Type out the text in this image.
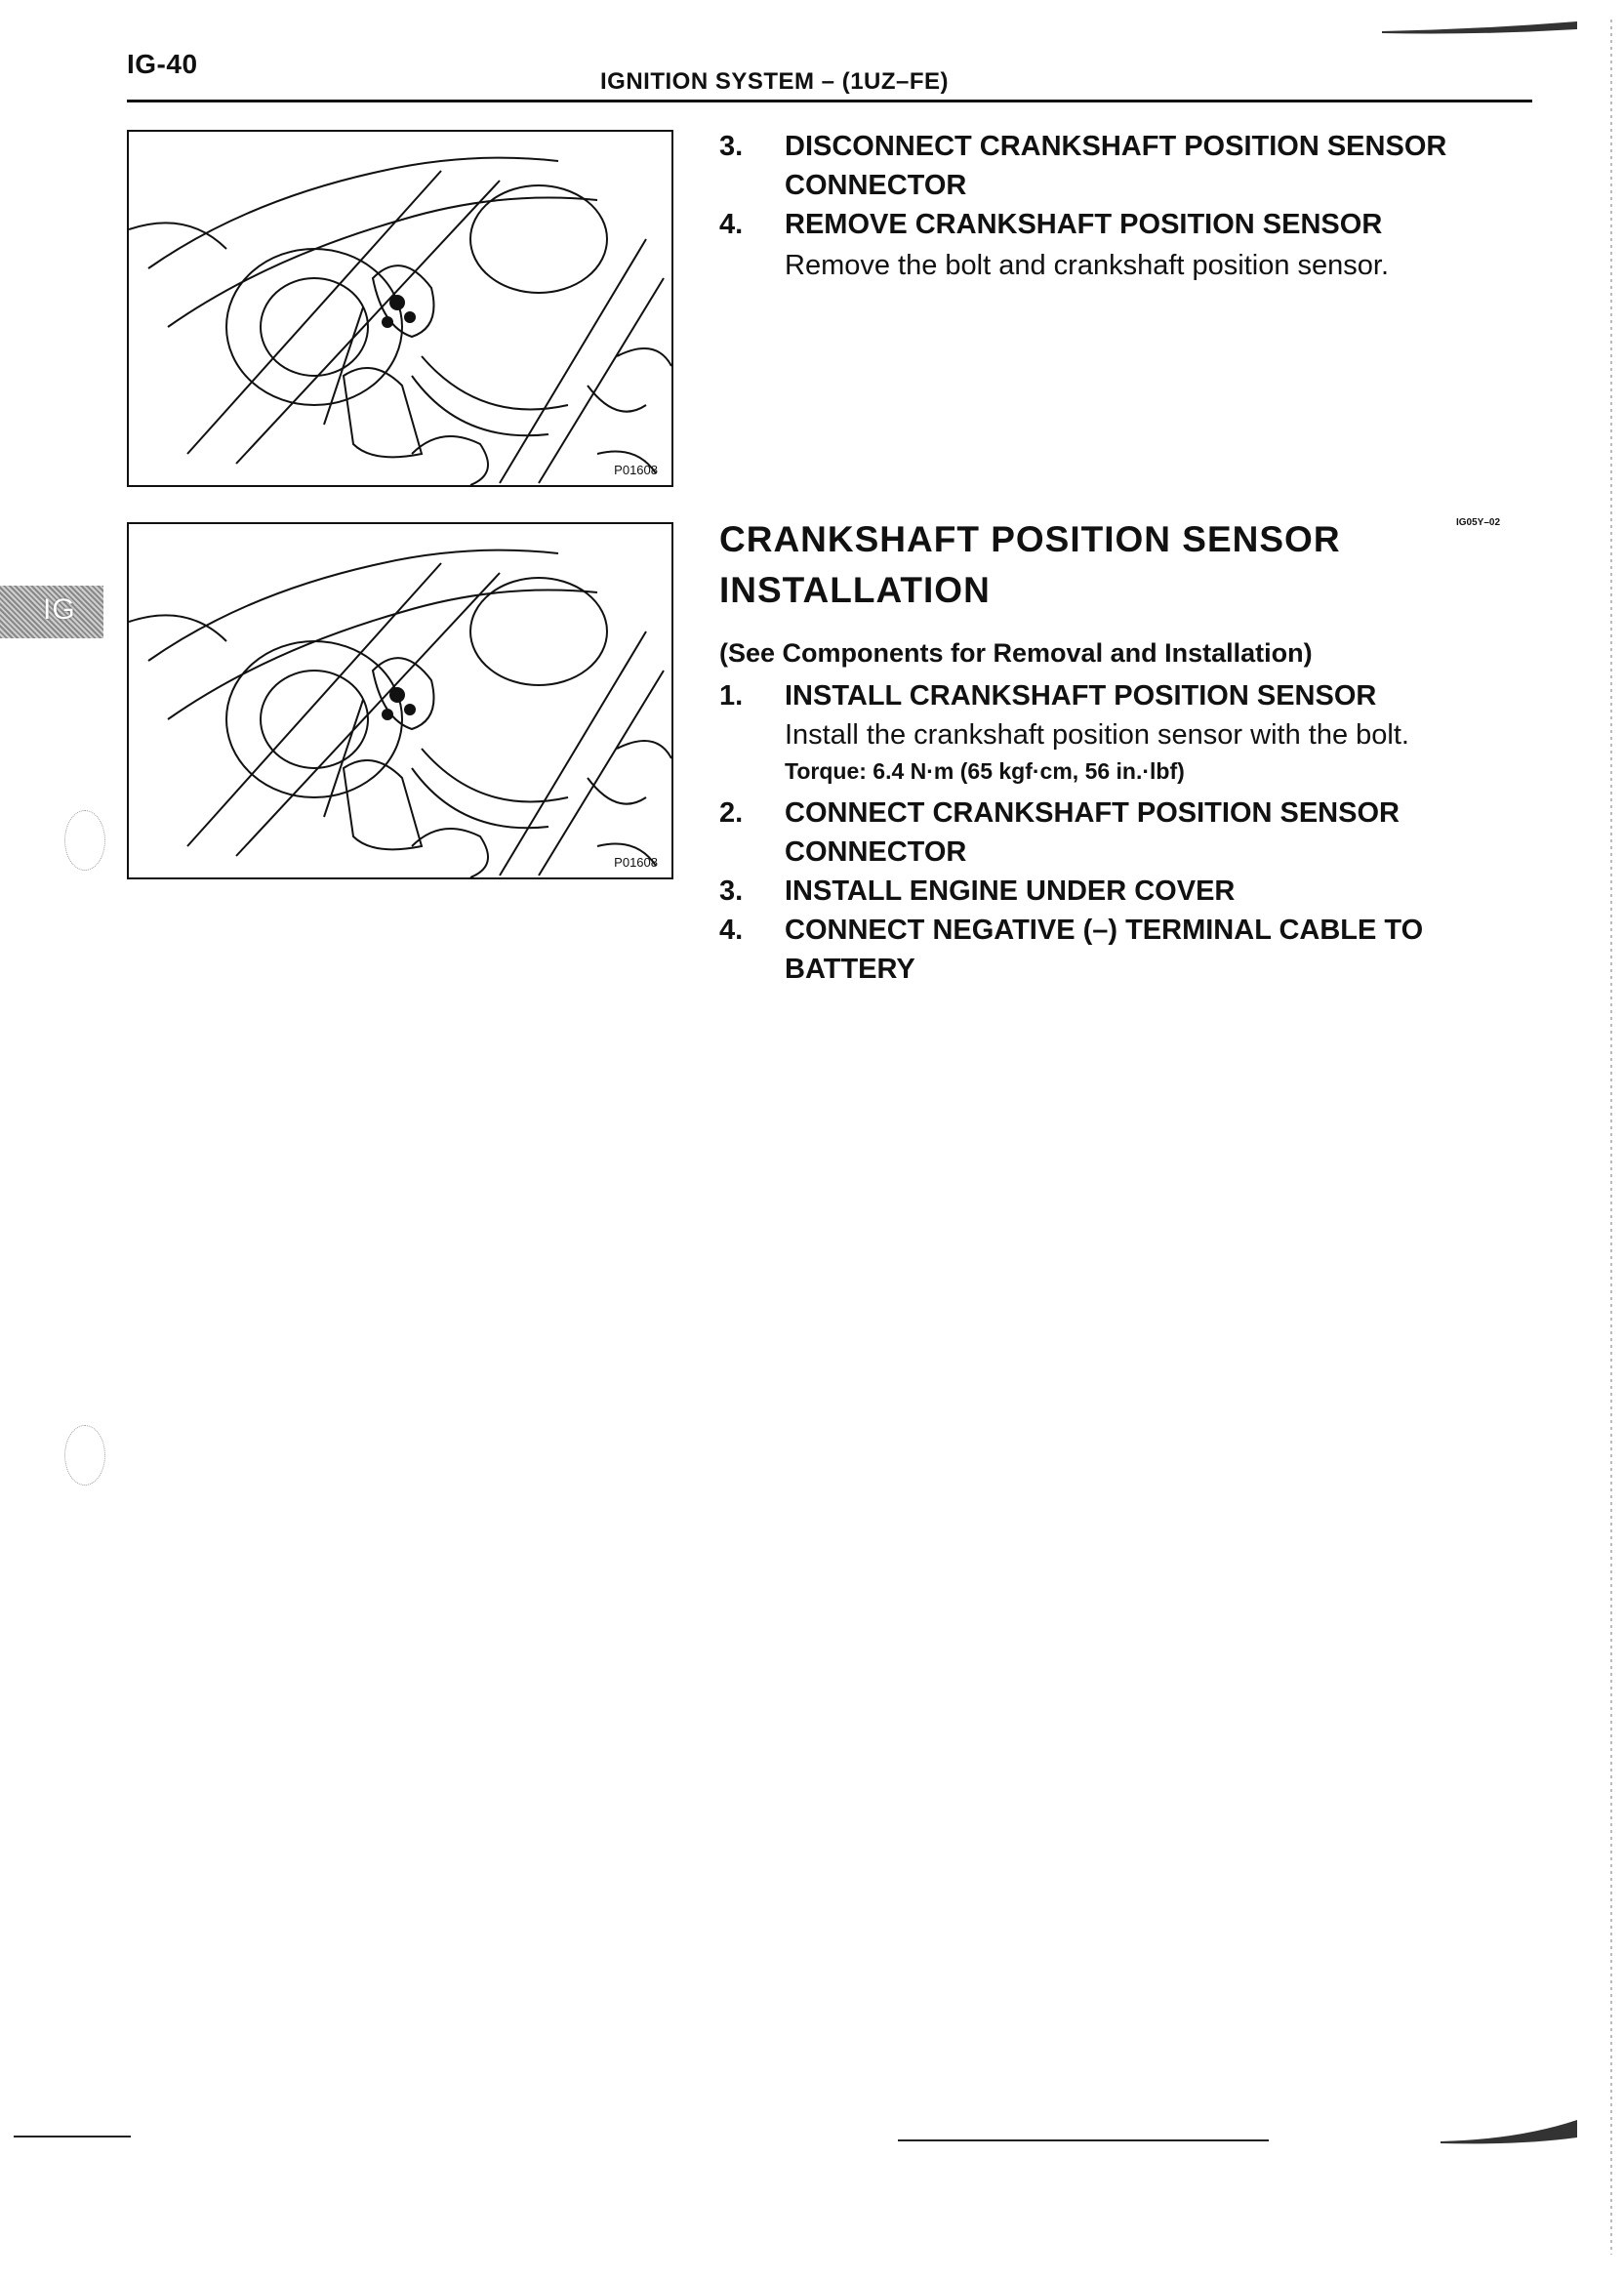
IG-40
IGNITION SYSTEM – (1UZ–FE)
IG
P01608
P01608
3. DISCONNECT CRANKSHAFT POSITION SENSOR
CONNECTOR
4. REMOVE CRANKSHAFT POSITION SENSOR
Remove the bolt and crankshaft position sensor.
CRANKSHAFT POSITION SENSOR
INSTALLATION
IG05Y–02
(See Components for Removal and Installation)
1. INSTALL CRANKSHAFT POSITION SENSOR
Install the crankshaft position sensor with the bolt.
Torque: 6.4 N·m (65 kgf·cm, 56 in.·lbf)
2. CONNECT CRANKSHAFT POSITION SENSOR
CONNECTOR
3. INSTALL ENGINE UNDER COVER
4. CONNECT NEGATIVE (–) TERMINAL CABLE TO
BATTERY
